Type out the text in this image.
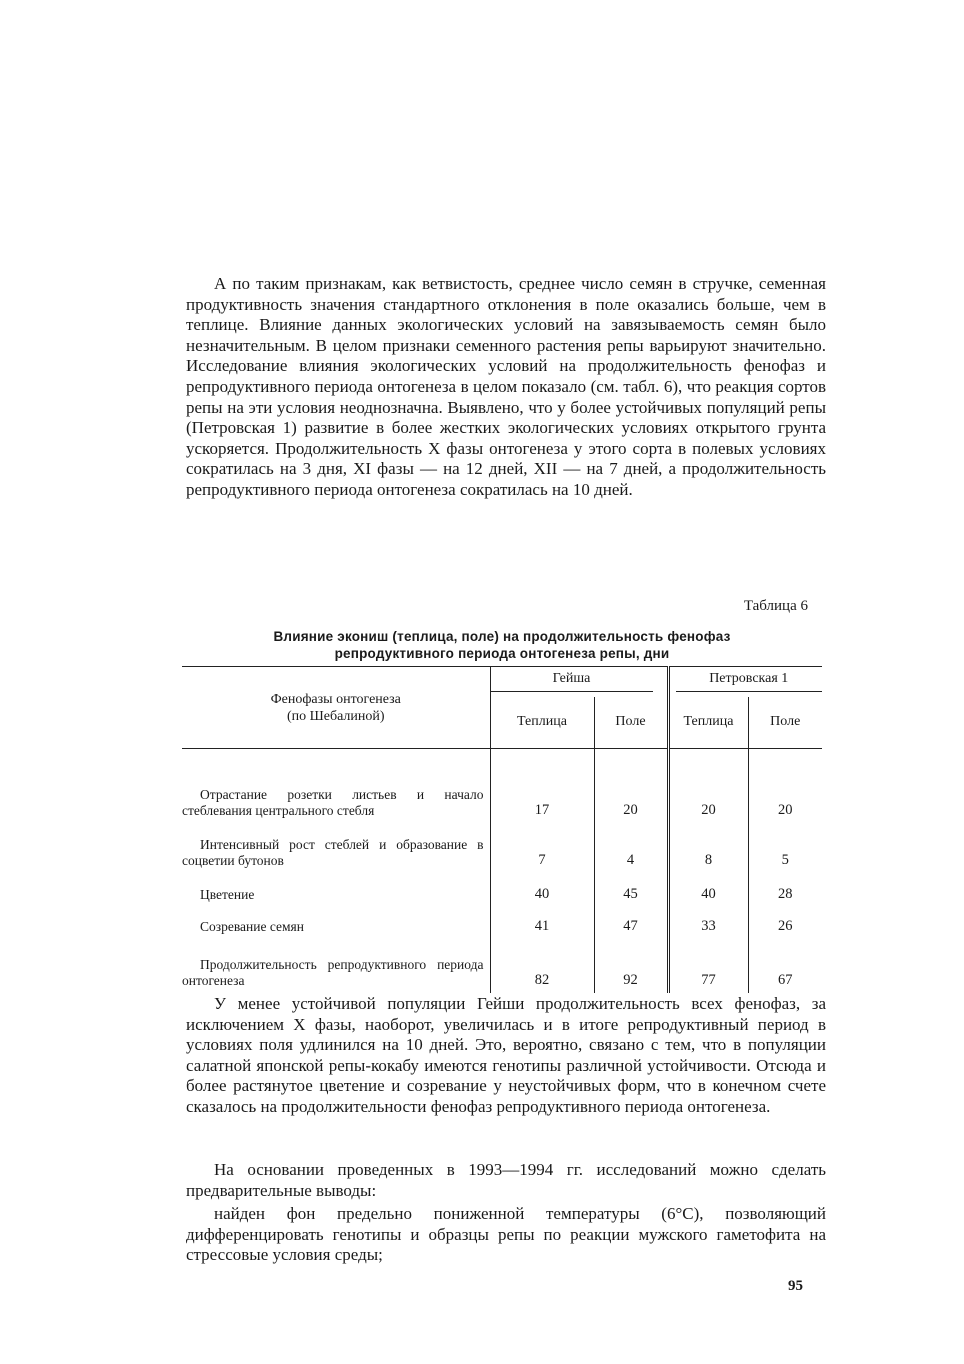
А по таким признакам, как ветвистость, среднее число семян в стручке, семенная продуктивность значения стандартного отклонения в поле оказались больше, чем в теплице. Влияние данных экологических условий на завязываемость семян было незначительным. В целом признаки семенного растения репы варьируют значительно. Исследование влияния экологических условий на продолжительность фенофаз и репродуктивного периода онтогенеза в целом показало (см. табл. 6), что реакция сортов репы на эти условия неоднозначна. Выявлено, что у более устойчивых популяций репы (Петровская 1) развитие в более жестких экологических условиях открытого грунта ускоряется. Продолжительность X фазы онтогенеза у этого сорта в полевых условиях сократилась на 3 дня, XI фазы — на 12 дней, XII — на 7 дней, а продолжительность репродуктивного периода онтогенеза сократилась на 10 дней.

Таблица 6
Влияние экониш (теплица, поле) на продолжительность фенофаз
репродуктивного периода онтогенеза репы, дни
Фенофазы онтогенеза
(по Шебалиной)	Гейша		Петровская 1	

	Теплица	Поле	Теплица	Поле

Отрастание розетки листьев и начало стеблевания центрального стебля	17	20	20	20
Интенсивный рост стеблей и образование в соцветии бутонов	7	4	8	5
Цветение	40	45	40	28
Созревание семян	41	47	33	26
Продолжительность репродуктивного периода онтогенеза	82	92	77	67

У менее устойчивой популяции Гейши продолжительность всех фенофаз, за исключением X фазы, наоборот, увеличилась и в итоге репродуктивный период в условиях поля удлинился на 10 дней. Это, вероятно, связано с тем, что в популяции салатной японской репы-кокабу имеются генотипы различной устойчивости. Отсюда и более растянутое цветение и созревание у неустойчивых форм, что в конечном счете сказалось на продолжительности фенофаз репродуктивного периода онтогенеза.

На основании проведенных в 1993—1994 гг. исследований можно сделать предварительные выводы:

найден фон предельно пониженной температуры (6°C), позволяющий дифференцировать генотипы и образцы репы по реакции мужского гаметофита на стрессовые условия среды;

95
